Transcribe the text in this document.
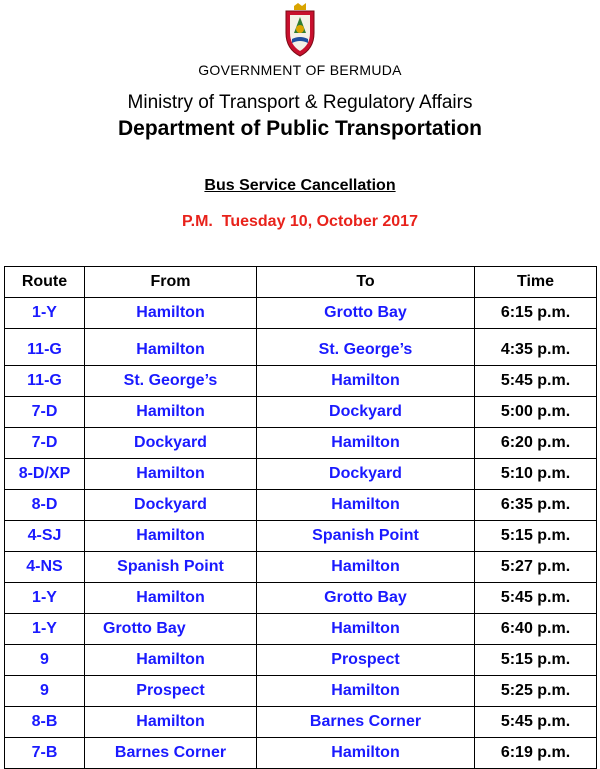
GOVERNMENT OF BERMUDA
Ministry of Transport & Regulatory Affairs
Department of Public Transportation
Bus Service Cancellation
P.M.  Tuesday 10, October 2017
Route	From	To	Time
1-Y	Hamilton	Grotto Bay	6:15 p.m.
11-G	Hamilton	St. George’s	4:35 p.m.
11-G	St. George’s	Hamilton	5:45 p.m.
7-D	Hamilton	Dockyard	5:00 p.m.
7-D	Dockyard	Hamilton	6:20 p.m.
8-D/XP	Hamilton	Dockyard	5:10 p.m.
8-D	Dockyard	Hamilton	6:35 p.m.
4-SJ	Hamilton	Spanish Point	5:15 p.m.
4-NS	Spanish Point	Hamilton	5:27 p.m.
1-Y	Hamilton	Grotto Bay	5:45 p.m.
1-Y	Grotto Bay	Hamilton	6:40 p.m.
9	Hamilton	Prospect	5:15 p.m.
9	Prospect	Hamilton	5:25 p.m.
8-B	Hamilton	Barnes Corner	5:45 p.m.
7-B	Barnes Corner	Hamilton	6:19 p.m.
